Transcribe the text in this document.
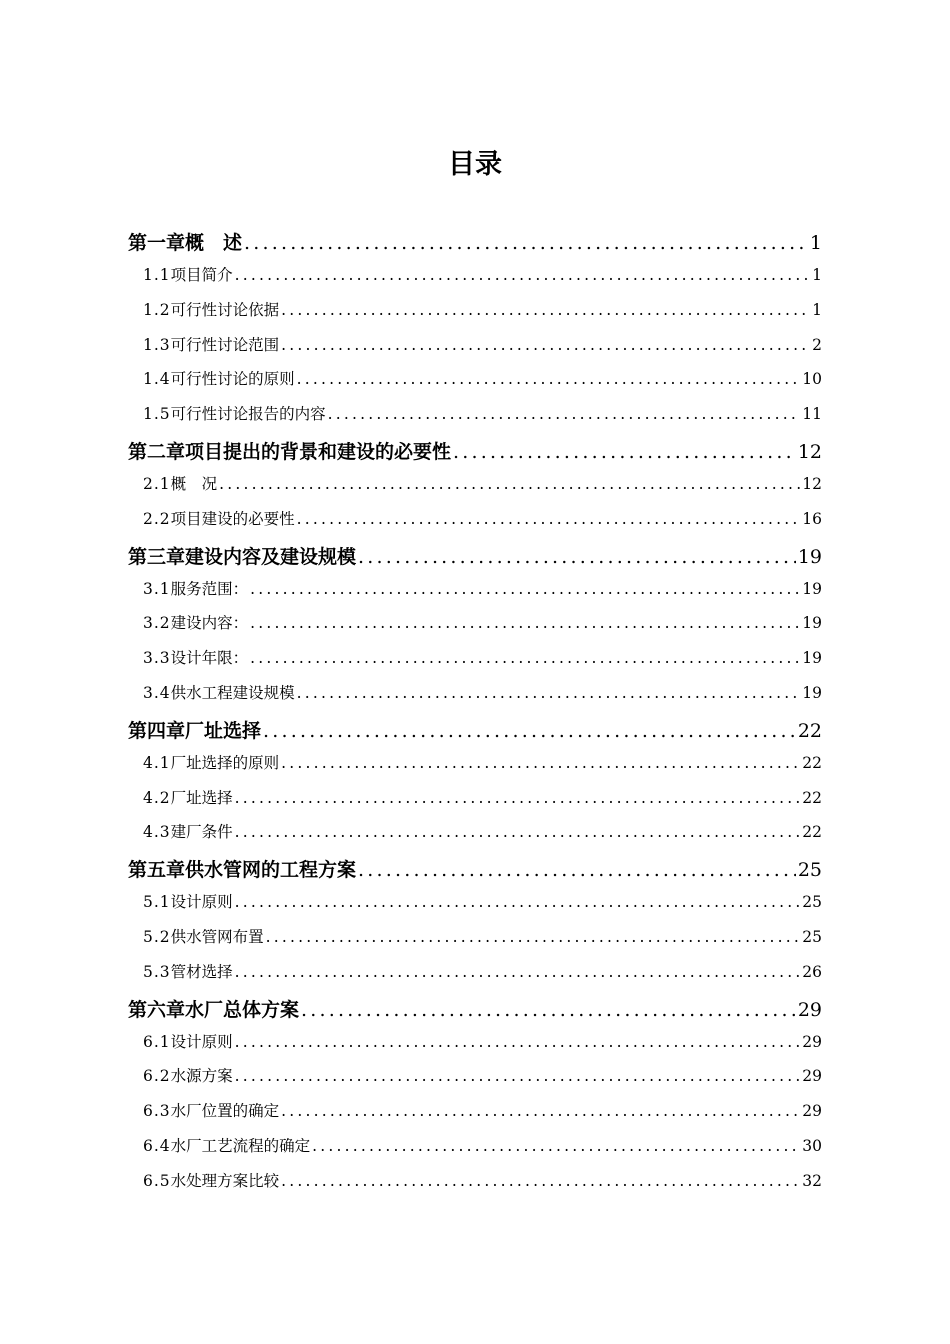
目录
第一章 概　述 .....	1
1.1 项目简介 .....	1
1.2 可行性讨论依据 .....	1
1.3 可行性讨论范围 .....	2
1.4 可行性讨论的原则 .....	10
1.5 可行性讨论报告的内容 .....	11
第二章 项目提出的背景和建设的必要性 .....	12
2.1 概　况 .....	12
2.2 项目建设的必要性 .....	16
第三章 建设内容及建设规模 .....	19
3.1 服务范围： .....	19
3.2 建设内容： .....	19
3.3 设计年限： .....	19
3.4 供水工程建设规模 .....	19
第四章 厂址选择 .....	22
4.1 厂址选择的原则 .....	22
4.2 厂址选择 .....	22
4.3 建厂条件 .....	22
第五章 供水管网的工程方案 .....	25
5.1 设计原则 .....	25
5.2 供水管网布置 .....	25
5.3 管材选择 .....	26
第六章 水厂总体方案 .....	29
6.1 设计原则 .....	29
6.2 水源方案 .....	29
6.3 水厂位置的确定 .....	29
6.4 水厂工艺流程的确定 .....	30
6.5 水处理方案比较 .....	32
